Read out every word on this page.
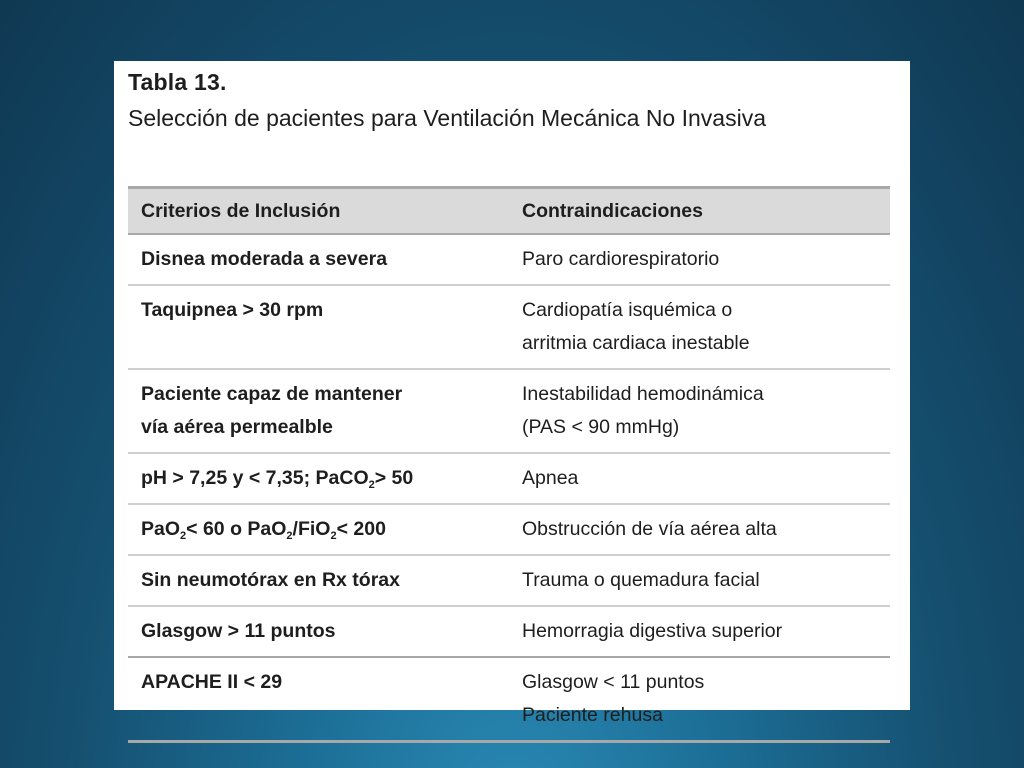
Tabla 13.
Selección de pacientes para Ventilación Mecánica No Invasiva
Criterios de Inclusión	Contraindicaciones
Disnea moderada a severa	Paro cardiorespiratorio

Taquipnea > 30 rpm	Cardiopatía isquémica o
arritmia cardiaca inestable

Paciente capaz de mantener
vía aérea permealble	Inestabilidad hemodinámica
(PAS < 90 mmHg)

pH > 7,25 y < 7,35; PaCO$_2$> 50	Apnea

PaO$_2$< 60 o PaO$_2$/FiO$_2$< 200	Obstrucción de vía aérea alta

Sin neumotórax en Rx tórax	Trauma o quemadura facial

Glasgow > 11 puntos	Hemorragia digestiva superior

APACHE II < 29	Glasgow < 11 puntos
Paciente rehusa
